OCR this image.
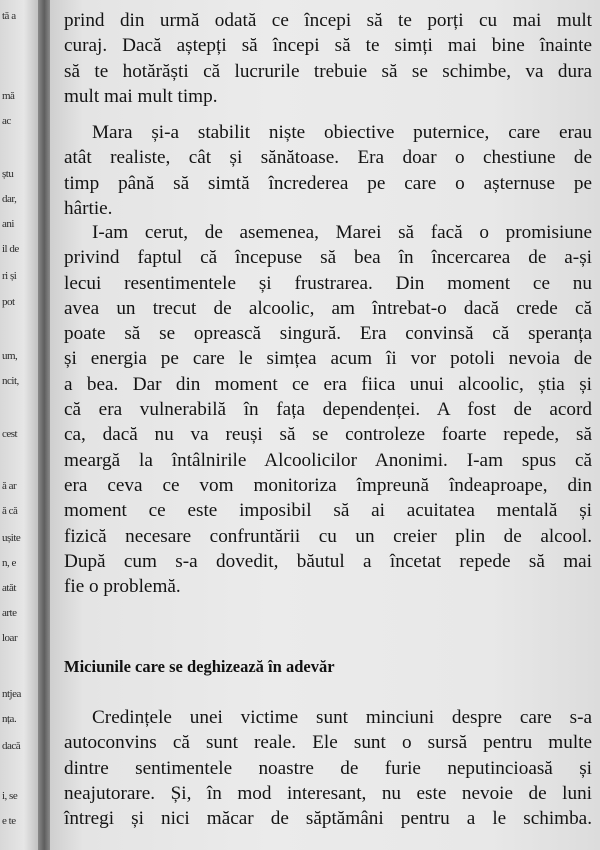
tă a
mă
ac
ștu
dar,
ani
il de
ri și
pot
um,
ncit,
cest
ă ar
ă că
ușite
n, e
atăt
arte
loar
ntjea
nța.
dacă
i, se
e te
prind din urmă odată ce începi să te porți cu mai mult
curaj. Dacă aștepți să începi să te simți mai bine înainte
să te hotărăști că lucrurile trebuie să se schimbe, va dura
mult mai mult timp.
Mara și-a stabilit niște obiective puternice, care erau
atât realiste, cât și sănătoase. Era doar o chestiune de
timp până să simtă încrederea pe care o așternuse pe
hârtie.
I-am cerut, de asemenea, Marei să facă o promisiune
privind faptul că începuse să bea în încercarea de a-și
lecui resentimentele și frustrarea. Din moment ce nu
avea un trecut de alcoolic, am întrebat-o dacă crede că
poate să se oprească singură. Era convinsă că speranța
și energia pe care le simțea acum îi vor potoli nevoia de
a bea. Dar din moment ce era fiica unui alcoolic, știa și
că era vulnerabilă în fața dependenței. A fost de acord
ca, dacă nu va reuși să se controleze foarte repede, să
meargă la întâlnirile Alcoolicilor Anonimi. I-am spus că
era ceva ce vom monitoriza împreună îndeaproape, din
moment ce este imposibil să ai acuitatea mentală și
fizică necesare confruntării cu un creier plin de alcool.
După cum s-a dovedit, băutul a încetat repede să mai
fie o problemă.
Miciunile care se deghizează în adevăr
Credințele unei victime sunt minciuni despre care s-a
autoconvins că sunt reale. Ele sunt o sursă pentru multe
dintre sentimentele noastre de furie neputincioasă și
neajutorare. Și, în mod interesant, nu este nevoie de luni
întregi și nici măcar de săptămâni pentru a le schimba.
